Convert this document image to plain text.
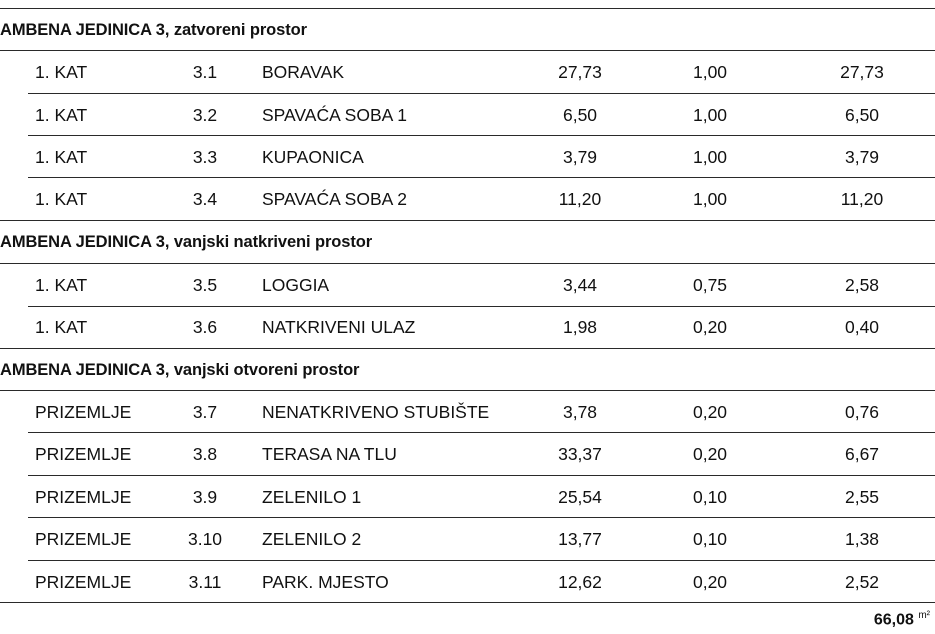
AMBENA JEDINICA 3, zatvoreni prostor
1. KAT	3.1	BORAVAK	27,73	1,00	27,73
1. KAT	3.2	SPAVAĆA SOBA 1	6,50	1,00	6,50
1. KAT	3.3	KUPAONICA	3,79	1,00	3,79
1. KAT	3.4	SPAVAĆA SOBA 2	11,20	1,00	11,20
AMBENA JEDINICA 3, vanjski natkriveni prostor
1. KAT	3.5	LOGGIA	3,44	0,75	2,58
1. KAT	3.6	NATKRIVENI ULAZ	1,98	0,20	0,40
AMBENA JEDINICA 3, vanjski otvoreni prostor
PRIZEMLJE	3.7	NENATKRIVENO STUBIŠTE	3,78	0,20	0,76
PRIZEMLJE	3.8	TERASA NA TLU	33,37	0,20	6,67
PRIZEMLJE	3.9	ZELENILO 1	25,54	0,10	2,55
PRIZEMLJE	3.10	ZELENILO 2	13,77	0,10	1,38
PRIZEMLJE	3.11	PARK. MJESTO	12,62	0,20	2,52
66,08 $^{m^2}$
